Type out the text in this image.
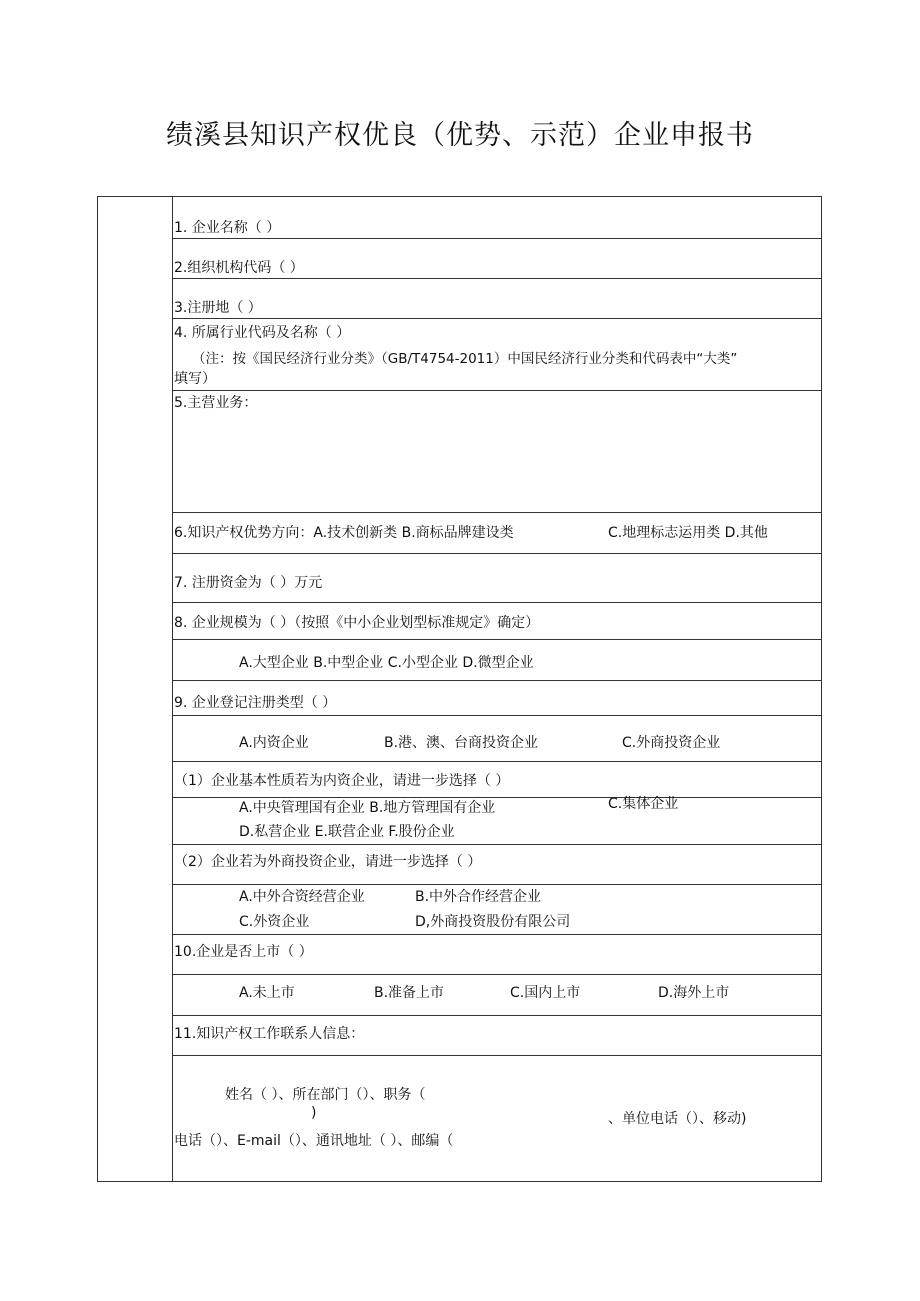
绩溪县知识产权优良（优势、示范）企业申报书
1. 企业名称（ ）
2.组织机构代码（ ）
3.注册地（ ）
4. 所属行业代码及名称（ ）
（注：按《国民经济行业分类》（GB/T4754-2011）中国民经济行业分类和代码表中“大类”
填写）
5.主营业务：
6.知识产权优势方向：A.技术创新类 B.商标品牌建设类	C.地理标志运用类 D.其他
7. 注册资金为（ ）万元
8. 企业规模为（ ）（按照《中小企业划型标准规定》确定）
A.大型企业 B.中型企业 C.小型企业 D.微型企业
9. 企业登记注册类型（ ）
A.内资企业	B.港、澳、台商投资企业	C.外商投资企业
（1）企业基本性质若为内资企业，请进一步选择（ ）
A.中央管理国有企业 B.地方管理国有企业	C.集体企业
D.私营企业 E.联营企业 F.股份企业
（2）企业若为外商投资企业，请进一步选择（ ）
A.中外合资经营企业	B.中外合作经营企业
C.外资企业	D,外商投资股份有限公司
10.企业是否上市（ ）
A.未上市	B.准备上市	C.国内上市	D.海外上市
11.知识产权工作联系人信息：
姓名（ ）、所在部门（）、职务（
)	、单位电话（）、移动)
电话（）、E-mail（）、通讯地址（ ）、邮编（
